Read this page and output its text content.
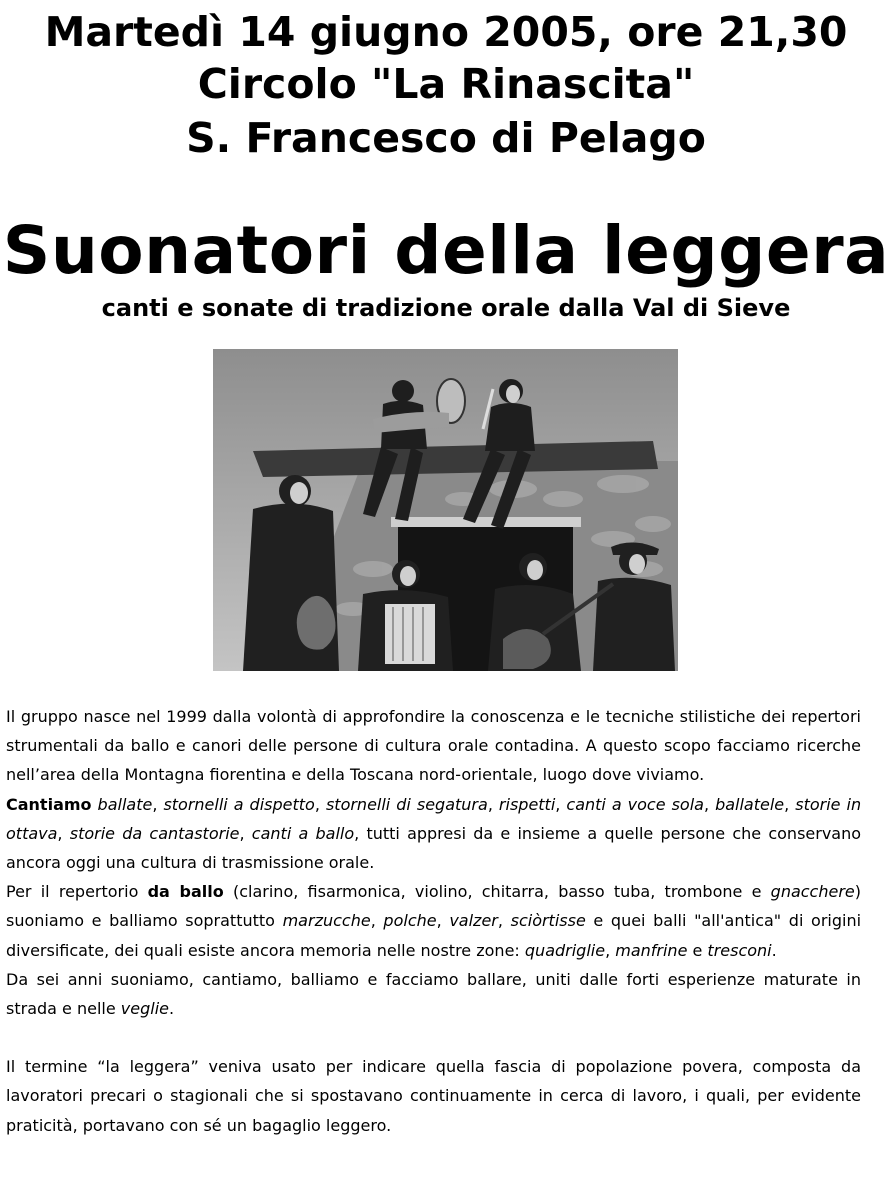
Martedì 14 giugno 2005, ore 21,30
Circolo "La Rinascita"
S. Francesco di Pelago
Suonatori della leggera
canti e sonate di tradizione orale dalla Val di Sieve

Il gruppo nasce nel 1999 dalla volontà di approfondire la conoscenza e le tecniche stilistiche dei repertori strumentali da ballo e canori delle persone di cultura orale contadina. A questo scopo facciamo ricerche nell’area della Montagna fiorentina e della Toscana nord-orientale, luogo dove viviamo.

Cantiamo ballate, stornelli a dispetto, stornelli di segatura, rispetti, canti a voce sola, ballatele, storie in ottava, storie da cantastorie, canti a ballo, tutti appresi da e insieme a quelle persone che conservano ancora oggi una cultura di trasmissione orale.

Per il repertorio da ballo (clarino, fisarmonica, violino, chitarra, basso tuba, trombone e gnacchere) suoniamo e balliamo soprattutto marzucche, polche, valzer, sciòrtisse e quei balli "all'antica" di origini diversificate, dei quali esiste ancora memoria nelle nostre zone: quadriglie, manfrine e tresconi.

Da sei anni suoniamo, cantiamo, balliamo e facciamo ballare, uniti dalle forti esperienze maturate in strada e nelle veglie.

Il termine “la leggera” veniva usato per indicare quella fascia di popolazione povera, composta da lavoratori precari o stagionali che si spostavano continuamente in cerca di lavoro, i quali, per evidente praticità, portavano con sé un bagaglio leggero.
